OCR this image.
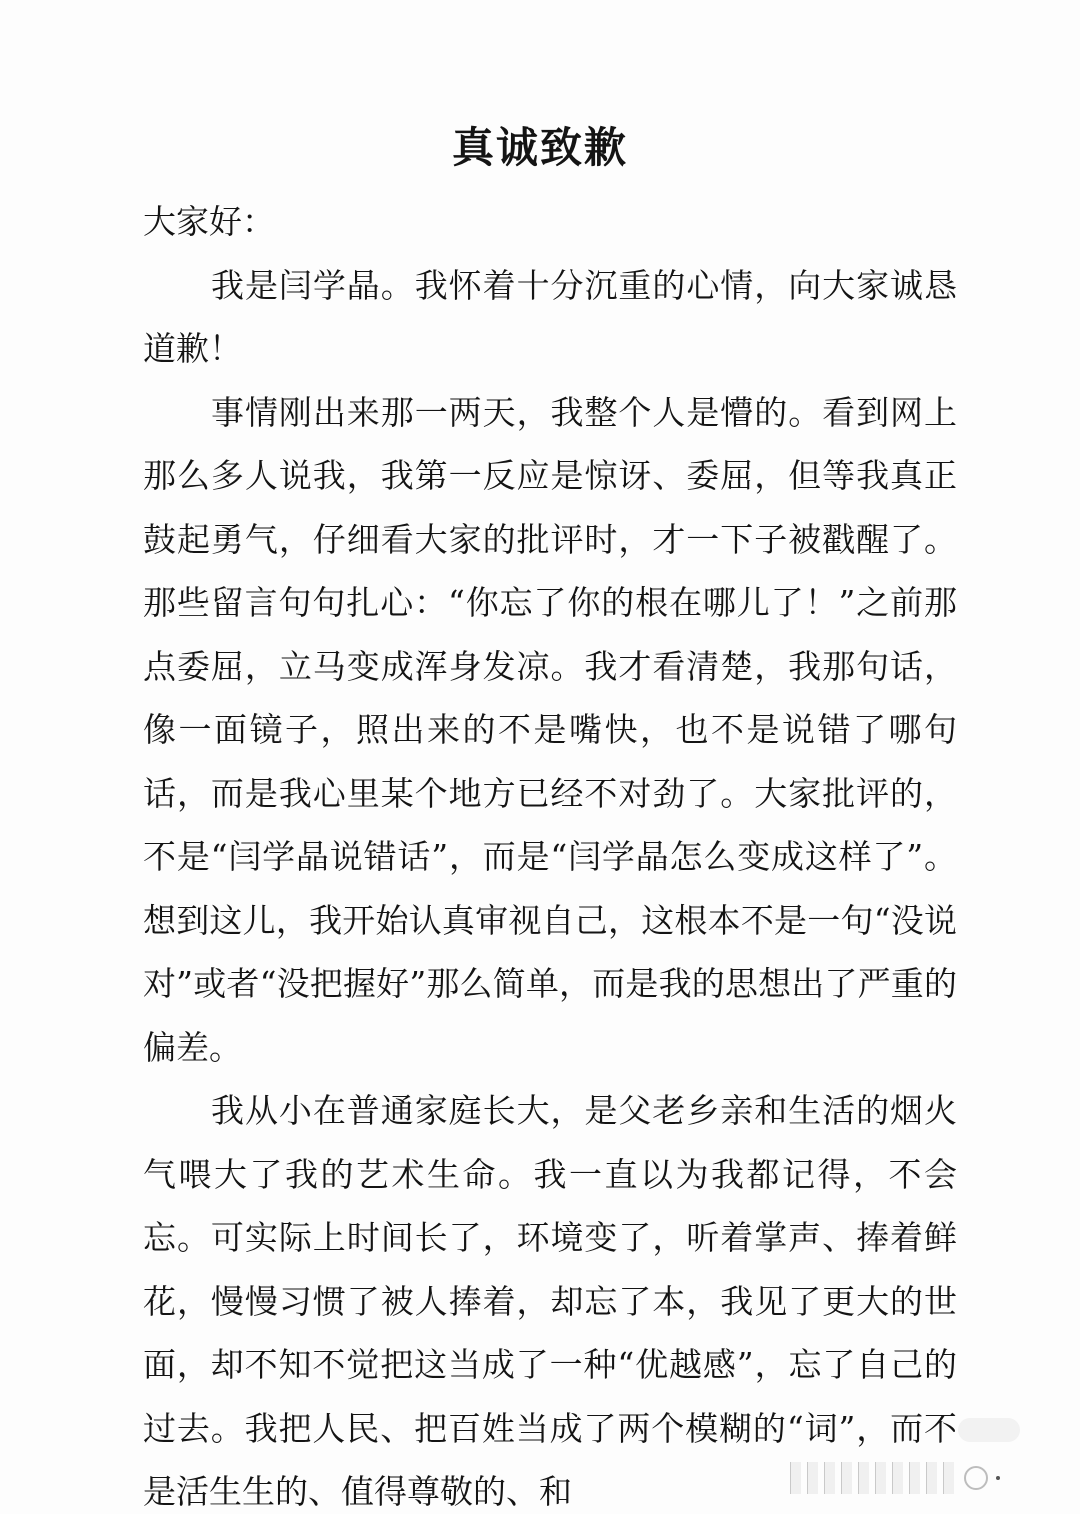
真诚致歉

大家好：

我是闫学晶。我怀着十分沉重的心情，向大家诚恳道歉！

事情刚出来那一两天，我整个人是懵的。看到网上那么多人说我，我第一反应是惊讶、委屈，但等我真正鼓起勇气，仔细看大家的批评时，才一下子被戳醒了。那些留言句句扎心：“你忘了你的根在哪儿了！”之前那点委屈，立马变成浑身发凉。我才看清楚，我那句话，像一面镜子，照出来的不是嘴快，也不是说错了哪句话，而是我心里某个地方已经不对劲了。大家批评的，不是“闫学晶说错话”，而是“闫学晶怎么变成这样了”。想到这儿，我开始认真审视自己，这根本不是一句“没说对”或者“没把握好”那么简单，而是我的思想出了严重的偏差。

我从小在普通家庭长大，是父老乡亲和生活的烟火气喂大了我的艺术生命。我一直以为我都记得，不会忘。可实际上时间长了，环境变了，听着掌声、捧着鲜花，慢慢习惯了被人捧着，却忘了本，我见了更大的世面，却不知不觉把这当成了一种“优越感”，忘了自己的过去。我把人民、把百姓当成了两个模糊的“词”，而不是活生生的、值得尊敬的、和
